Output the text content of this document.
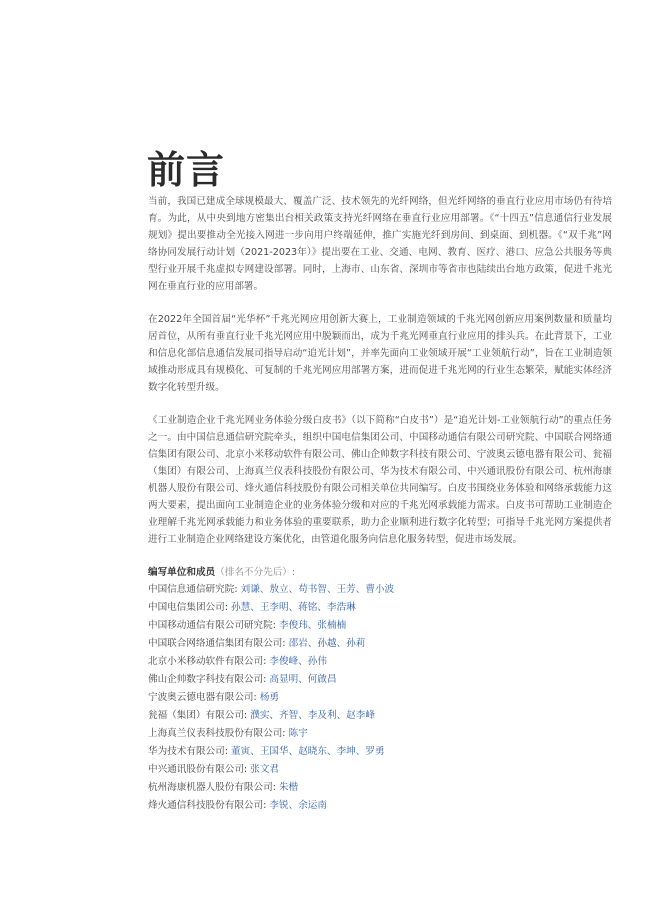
前言

当前，我国已建成全球规模最大、覆盖广泛、技术领先的光纤网络，但光纤网络的垂直行业应用市场仍有待培育。为此，从中央到地方密集出台相关政策支持光纤网络在垂直行业应用部署。《“十四五”信息通信行业发展规划》提出要推动全光接入网进一步向用户终端延伸，推广实施光纤到房间、到桌面、到机器。《“双千兆”网络协同发展行动计划（2021-2023年）》提出要在工业、交通、电网、教育、医疗、港口、应急公共服务等典型行业开展千兆虚拟专网建设部署。同时，上海市、山东省、深圳市等省市也陆续出台地方政策，促进千兆光网在垂直行业的应用部署。

在2022年全国首届“光华杯”千兆光网应用创新大赛上，工业制造领域的千兆光网创新应用案例数量和质量均居首位，从所有垂直行业千兆光网应用中脱颖而出，成为千兆光网垂直行业应用的排头兵。在此背景下，工业和信息化部信息通信发展司指导启动“追光计划”，并率先面向工业领域开展“工业领航行动”，旨在工业制造领域推动形成具有规模化、可复制的千兆光网应用部署方案，进而促进千兆光网的行业生态繁荣，赋能实体经济数字化转型升级。

《工业制造企业千兆光网业务体验分级白皮书》（以下简称“白皮书”）是“追光计划-工业领航行动”的重点任务之一。由中国信息通信研究院牵头，组织中国电信集团公司、中国移动通信有限公司研究院、中国联合网络通信集团有限公司、北京小米移动软件有限公司、佛山企帅数字科技有限公司、宁波奥云德电器有限公司、瓮福（集团）有限公司、上海真兰仪表科技股份有限公司、华为技术有限公司、中兴通讯股份有限公司、杭州海康机器人股份有限公司、烽火通信科技股份有限公司相关单位共同编写。白皮书围绕业务体验和网络承载能力这两大要素，提出面向工业制造企业的业务体验分级和对应的千兆光网承载能力需求。白皮书可帮助工业制造企业理解千兆光网承载能力和业务体验的重要联系，助力企业顺利进行数字化转型；可指导千兆光网方案提供者进行工业制造企业网络建设方案优化，由管道化服务向信息化服务转型，促进市场发展。

编写单位和成员（排名不分先后）:
中国信息通信研究院: 刘谦、敖立、苟书智、王芳、曹小波
中国电信集团公司: 孙慧、王李明、蒋铭、李浩琳
中国移动通信有限公司研究院: 李俊玮、张楠楠
中国联合网络通信集团有限公司: 邵岩、孙越、孙莉
北京小米移动软件有限公司: 李俊峰、孙伟
佛山企帅数字科技有限公司: 高显明、何啟昌
宁波奥云德电器有限公司: 杨勇
瓮福（集团）有限公司: 濮实、齐智、李及利、赵李峰
上海真兰仪表科技股份有限公司: 陈宇
华为技术有限公司: 董寅、王国华、赵晓东、李坤、罗勇
中兴通讯股份有限公司: 张文君
杭州海康机器人股份有限公司: 朱楷
烽火通信科技股份有限公司: 李锐、余运南
